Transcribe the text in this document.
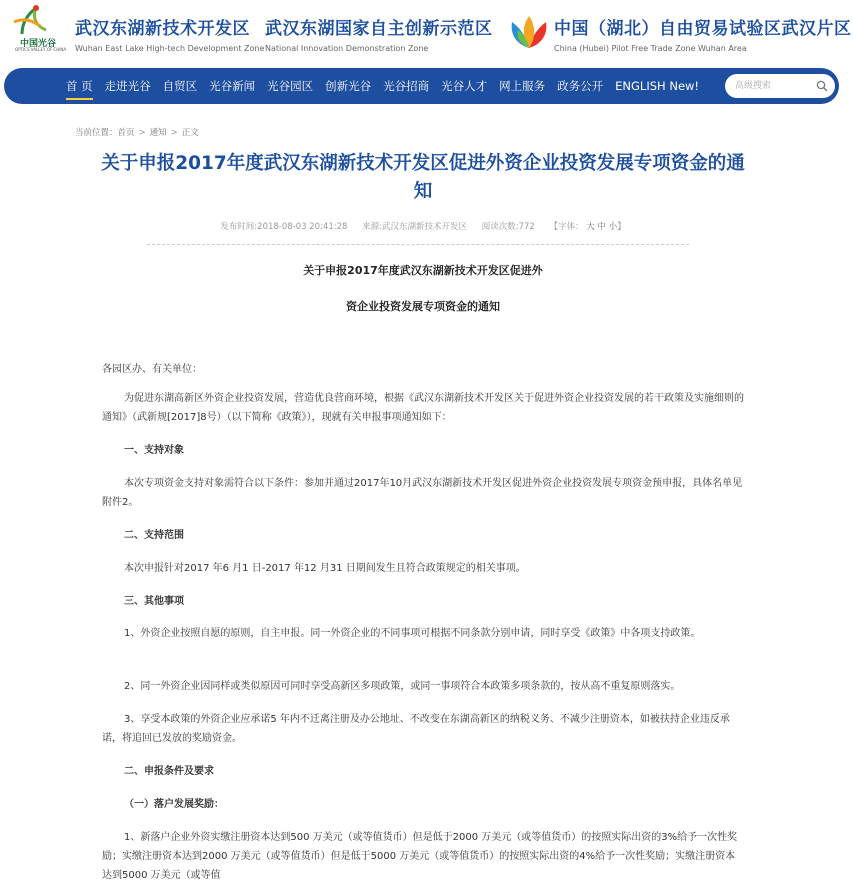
中国光谷
OPTICS VALLEY OF CHINA
武汉东湖新技术开发区
Wuhan East Lake High-tech Development Zone
武汉东湖国家自主创新示范区
National Innovation Demonstration Zone
中国（湖北）自由贸易试验区武汉片区
China (Hubei) Pilot Free Trade Zone Wuhan Area
首 页	走进光谷	自贸区	光谷新闻	光谷园区	创新光谷	光谷招商	光谷人才	网上服务	政务公开	ENGLISH New!
高级搜索
当前位置：首页 > 通知 > 正文
关于申报2017年度武汉东湖新技术开发区促进外资企业投资发展专项资金的通
知
发布时间:2018-08-03 20:41:28 来源:武汉东湖新技术开发区 阅读次数:772 【字体： 大 中 小】
关于申报2017年度武汉东湖新技术开发区促进外
资企业投资发展专项资金的通知
各园区办、有关单位：
为促进东湖高新区外资企业投资发展，营造优良营商环境，根据《武汉东湖新技术开发区关于促进外资企业投资发展的若干政策及实施细则的通知》（武新规[2017]8号）（以下简称《政策》），现就有关申报事项通知如下：
一、支持对象
本次专项资金支持对象需符合以下条件：参加并通过2017年10月武汉东湖新技术开发区促进外资企业投资发展专项资金预申报，具体名单见附件2。
二、支持范围
本次申报针对2017 年6 月1 日-2017 年12 月31 日期间发生且符合政策规定的相关事项。
三、其他事项
1、外资企业按照自愿的原则，自主申报。同一外资企业的不同事项可根据不同条款分别申请，同时享受《政策》中各项支持政策。
2、同一外资企业因同样或类似原因可同时享受高新区多项政策，或同一事项符合本政策多项条款的，按从高不重复原则落实。
3、享受本政策的外资企业应承诺5 年内不迁离注册及办公地址、不改变在东湖高新区的纳税义务、不减少注册资本，如被扶持企业违反承诺，将追回已发放的奖励资金。
二、申报条件及要求
（一）落户发展奖励：
1、新落户企业外资实缴注册资本达到500 万美元（或等值货币）但是低于2000 万美元（或等值货币）的按照实际出资的3%给予一次性奖励；实缴注册资本达到2000 万美元（或等值货币）但是低于5000 万美元（或等值货币）的按照实际出资的4%给予一次性奖励；实缴注册资本达到5000 万美元（或等值
